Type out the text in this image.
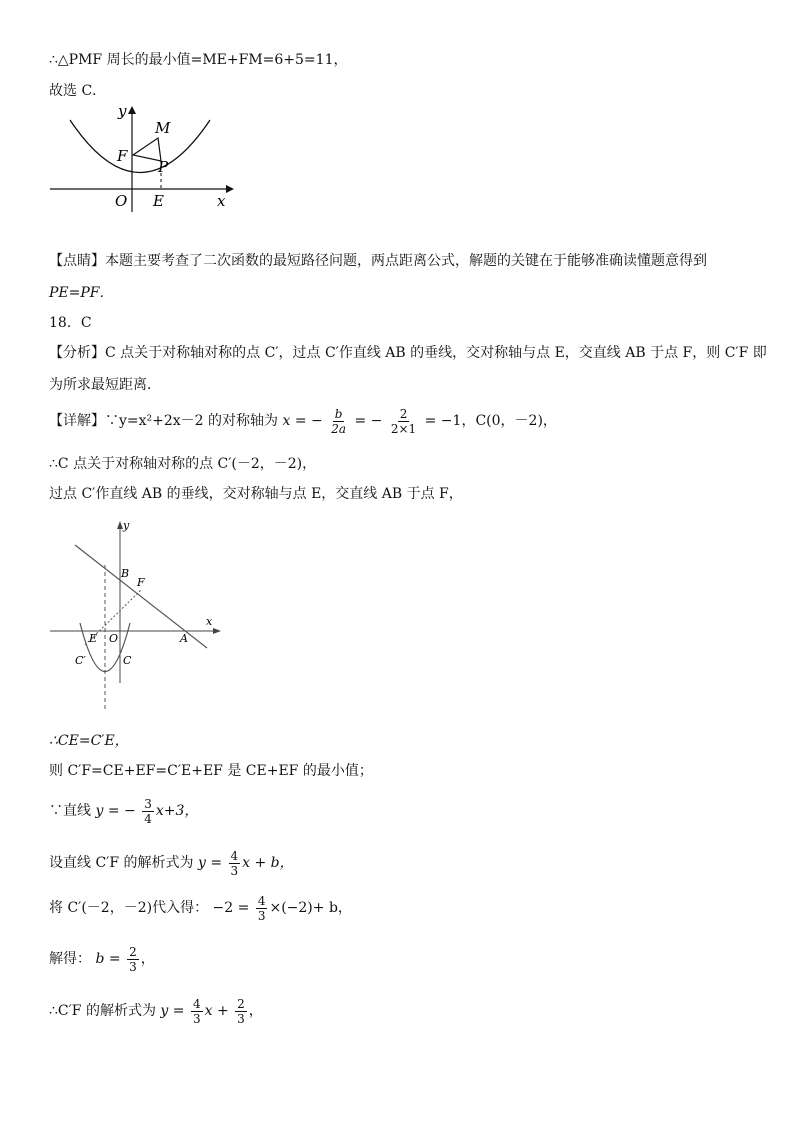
∴△PMF 周长的最小值=ME+FM=6+5=11，
故选 C．
y
M
F
P
O E	x
【点睛】本题主要考查了二次函数的最短路径问题，两点距离公式，解题的关键在于能够准确读懂题意得到
PE=PF．
18．C
【分析】C 点关于对称轴对称的点 C′，过点 C′作直线 AB 的垂线，交对称轴与点 E，交直线 AB 于点 F，则 C′F 即
为所求最短距离．
【详解】∵y=x²+2x－2 的对称轴为 x = − $\frac{b}{2a}$ = − $\frac{2}{2\times 1} = -1$，C(0，－2)，
∴C 点关于对称轴对称的点 C′(－2，－2)，
过点 C′作直线 AB 的垂线，交对称轴与点 E，交直线 AB 于点 F，
y
B
F
x
E O	A
C′	C
∴CE=C′E，
则 C′F=CE+EF=C′E+EF 是 CE+EF 的最小值；
∵直线 y = − $\frac{3}{4} x+3$，
设直线 C′F 的解析式为 $y = \frac{4}{3}$ x + b，
将 C′(－2，－2)代入得： $-2 = \frac{4}{3} \times(-2)+ b$，
解得： $b = \frac{2}{3}$ ，
∴C′F 的解析式为 $y = \frac{4}{3}$ $x + \frac{2}{3}$ ，
